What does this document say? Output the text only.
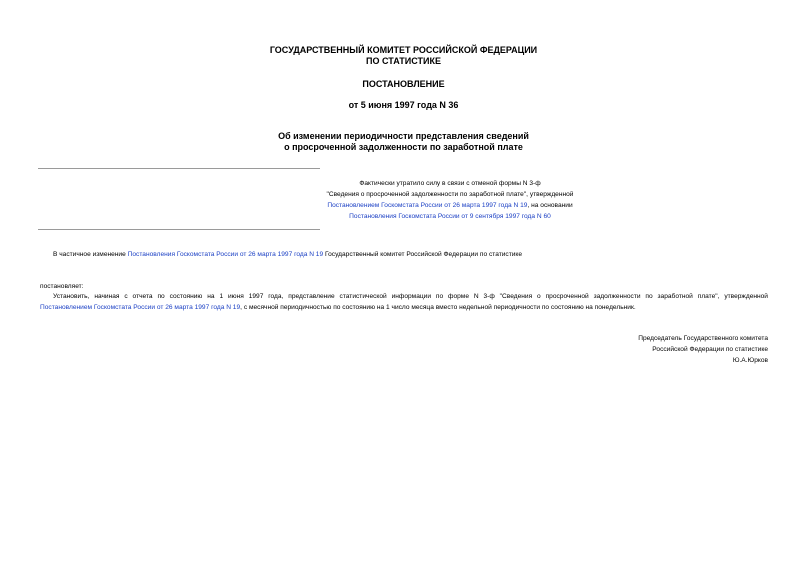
ГОСУДАРСТВЕННЫЙ КОМИТЕТ РОССИЙСКОЙ ФЕДЕРАЦИИ
ПО СТАТИСТИКЕ
ПОСТАНОВЛЕНИЕ
от 5 июня 1997 года N 36
Об изменении периодичности представления сведений
о просроченной задолженности по заработной плате
Фактически утратило силу в связи с отменой формы N 3-ф
"Сведения о просроченной задолженности по заработной плате", утвержденной
Постановлением Госкомстата России от 26 марта 1997 года N 19, на основании
Постановления Госкомстата России от 9 сентября 1997 года N 60
В частичное изменение Постановления Госкомстата России от 26 марта 1997 года N 19 Государственный комитет Российской Федерации по статистике
постановляет:
Установить, начиная с отчета по состоянию на 1 июня 1997 года, представление статистической информации по форме N 3-ф "Сведения о просроченной задолженности по заработной плате", утвержденной
Постановлением Госкомстата России от 26 марта 1997 года N 19, с месячной периодичностью по состоянию на 1 число месяца вместо недельной периодичности по состоянию на понедельник.
Председатель Государственного комитета
Российской Федерации по статистике
Ю.А.Юрков
